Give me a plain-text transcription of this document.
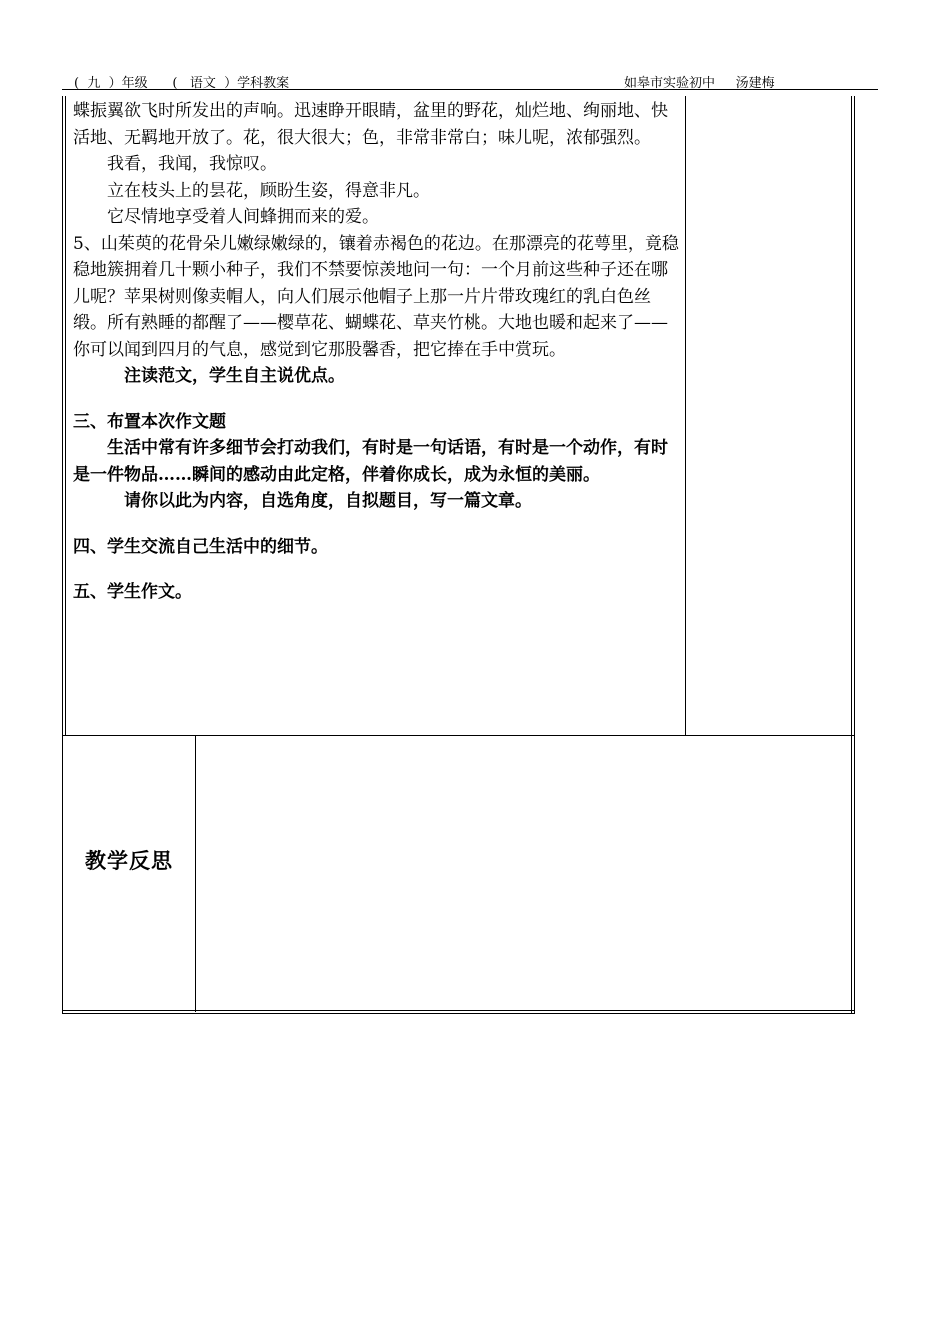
(  九  ）年级      (   语文  ）学科教案	如皋市实验初中     汤建梅

蝶振翼欲飞时所发出的声响。迅速睁开眼睛，盆里的野花，灿烂地、绚丽地、快活地、无羁地开放了。花，很大很大；色，非常非常白；味儿呢，浓郁强烈。

我看，我闻，我惊叹。

立在枝头上的昙花，顾盼生姿，得意非凡。

它尽情地享受着人间蜂拥而来的爱。

5、山茱萸的花骨朵儿嫩绿嫩绿的，镶着赤褐色的花边。在那漂亮的花萼里，竟稳稳地簇拥着几十颗小种子，我们不禁要惊羡地问一句：一个月前这些种子还在哪儿呢？苹果树则像卖帽人，向人们展示他帽子上那一片片带玫瑰红的乳白色丝缎。所有熟睡的都醒了——樱草花、蝴蝶花、草夹竹桃。大地也暖和起来了——你可以闻到四月的气息，感觉到它那股馨香，把它捧在手中赏玩。

注读范文，学生自主说优点。

三、布置本次作文题

生活中常有许多细节会打动我们，有时是一句话语，有时是一个动作，有时是一件物品……瞬间的感动由此定格，伴着你成长，成为永恒的美丽。

请你以此为内容，自选角度，自拟题目，写一篇文章。

四、学生交流自己生活中的细节。

五、学生作文。

教学反思
